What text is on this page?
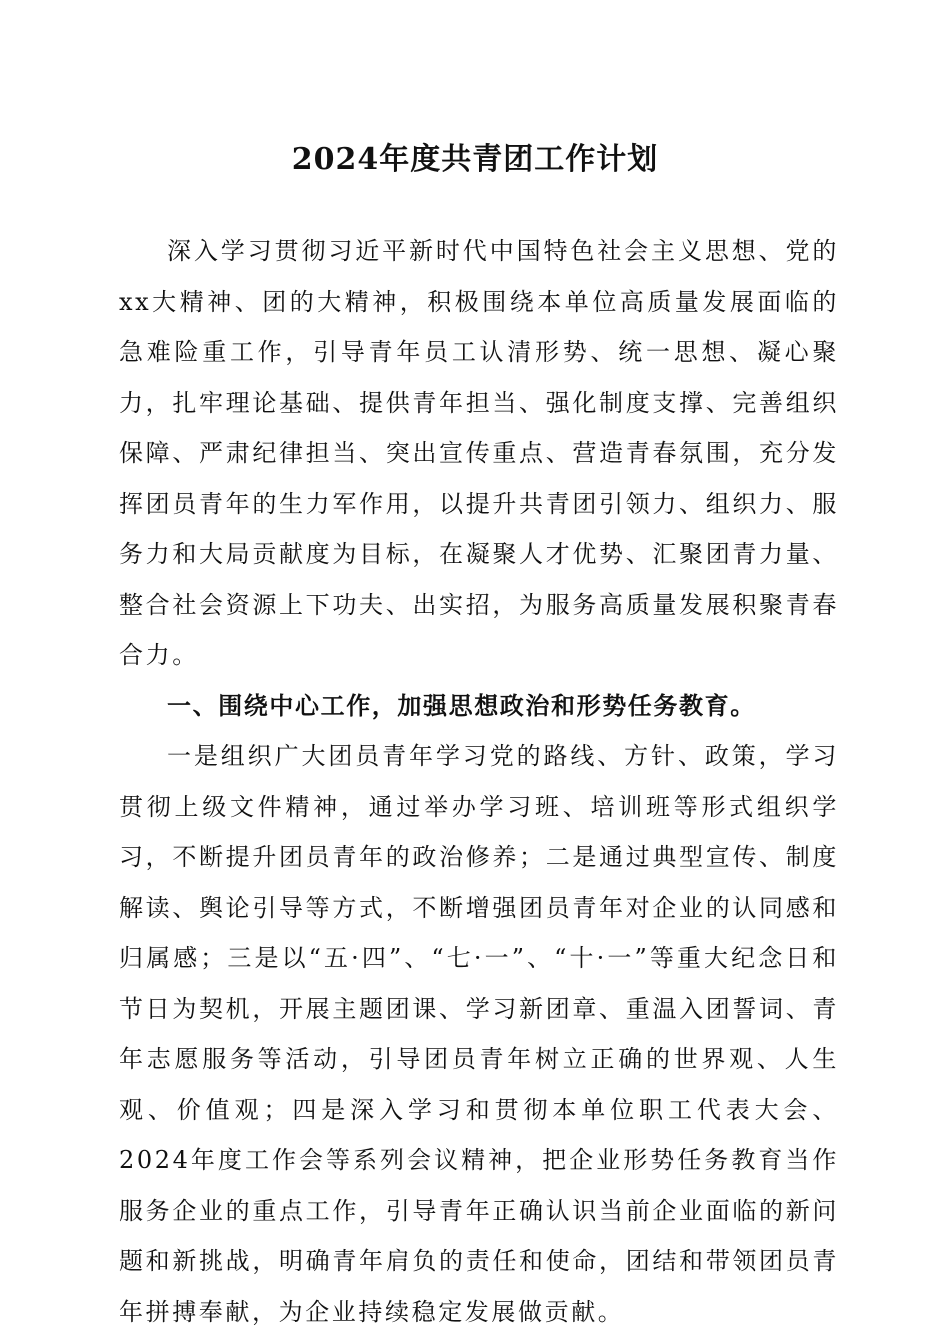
2024年度共青团工作计划

深入学习贯彻习近平新时代中国特色社会主义思想、党的xx大精神、团的大精神，积极围绕本单位高质量发展面临的急难险重工作，引导青年员工认清形势、统一思想、凝心聚力，扎牢理论基础、提供青年担当、强化制度支撑、完善组织保障、严肃纪律担当、突出宣传重点、营造青春氛围，充分发挥团员青年的生力军作用，以提升共青团引领力、组织力、服务力和大局贡献度为目标，在凝聚人才优势、汇聚团青力量、整合社会资源上下功夫、出实招，为服务高质量发展积聚青春合力。

一、围绕中心工作，加强思想政治和形势任务教育。

一是组织广大团员青年学习党的路线、方针、政策，学习贯彻上级文件精神，通过举办学习班、培训班等形式组织学习，不断提升团员青年的政治修养；二是通过典型宣传、制度解读、舆论引导等方式，不断增强团员青年对企业的认同感和归属感；三是以“五·四”、“七·一”、“十·一”等重大纪念日和节日为契机，开展主题团课、学习新团章、重温入团誓词、青年志愿服务等活动，引导团员青年树立正确的世界观、人生观、价值观；四是深入学习和贯彻本单位职工代表大会、2024年度工作会等系列会议精神，把企业形势任务教育当作服务企业的重点工作，引导青年正确认识当前企业面临的新问题和新挑战，明确青年肩负的责任和使命，团结和带领团员青年拼搏奉献，为企业持续稳定发展做贡献。
